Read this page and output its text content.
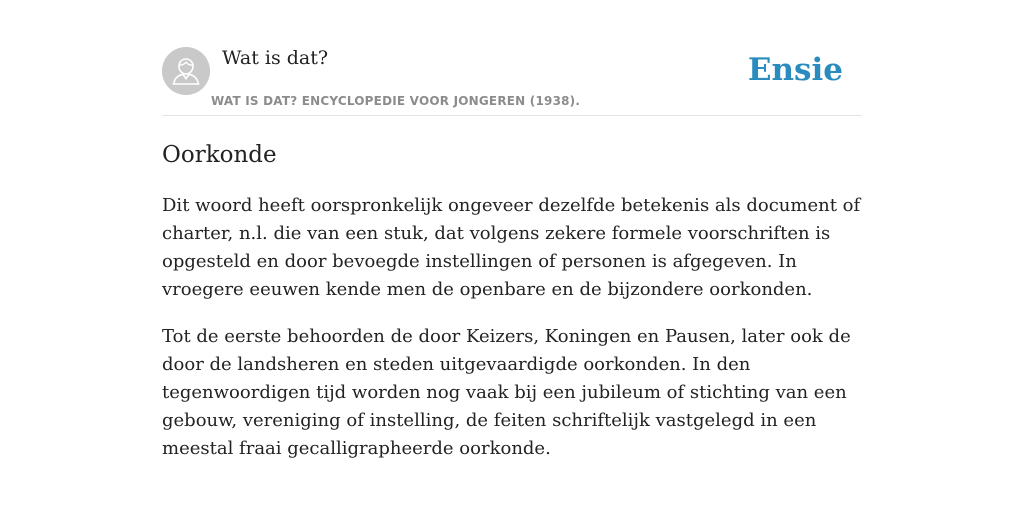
Wat is dat?
WAT IS DAT? ENCYCLOPEDIE VOOR JONGEREN (1938).
Ensie
Oorkonde

Dit woord heeft oorspronkelijk ongeveer dezelfde betekenis als document of charter, n.l. die van een stuk, dat volgens zekere formele voorschriften is opgesteld en door bevoegde instellingen of personen is afgegeven. In vroegere eeuwen kende men de openbare en de bijzondere oorkonden.

Tot de eerste behoorden de door Keizers, Koningen en Pausen, later ook de door de landsheren en steden uitgevaardigde oorkonden. In den tegenwoordigen tijd worden nog vaak bij een jubileum of stichting van een gebouw, vereniging of instelling, de feiten schriftelijk vastgelegd in een meestal fraai gecalligrapheerde oorkonde.
